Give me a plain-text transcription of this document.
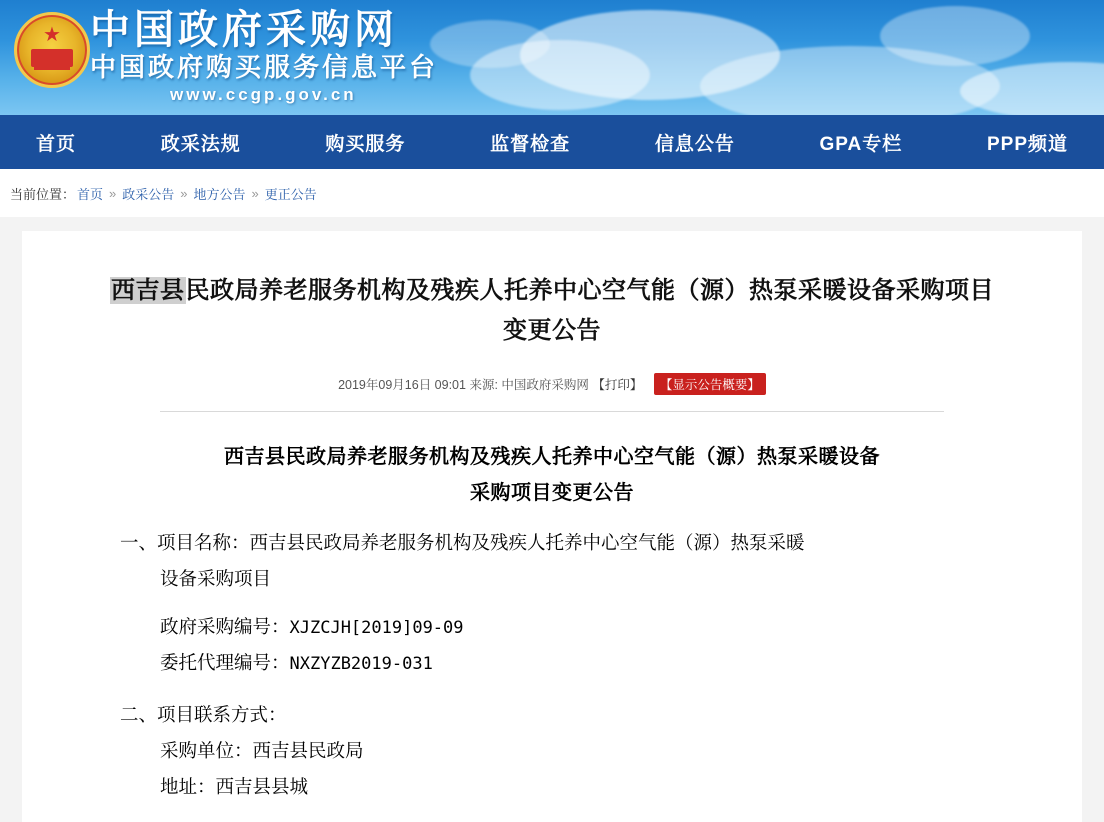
★ 中国政府采购网
中国政府购买服务信息平台
www.ccgp.gov.cn
首页	政采法规	购买服务	监督检查	信息公告	GPA专栏	PPP频道
当前位置： 首页 » 政采公告 » 地方公告 » 更正公告
西吉县民政局养老服务机构及残疾人托养中心空气能（源）热泵采暖设备采购项目
变更公告
2019年09月16日 09:01 来源: 中国政府采购网 【打印】 【显示公告概要】
西吉县民政局养老服务机构及残疾人托养中心空气能（源）热泵采暖设备
采购项目变更公告
一、项目名称： 西吉县民政局养老服务机构及残疾人托养中心空气能（源）热泵采暖
设备采购项目
政府采购编号：XJZCJH[2019]09-09
委托代理编号：NXZYZB2019-031
二、项目联系方式：
采购单位：西吉县民政局
地址：西吉县县城
